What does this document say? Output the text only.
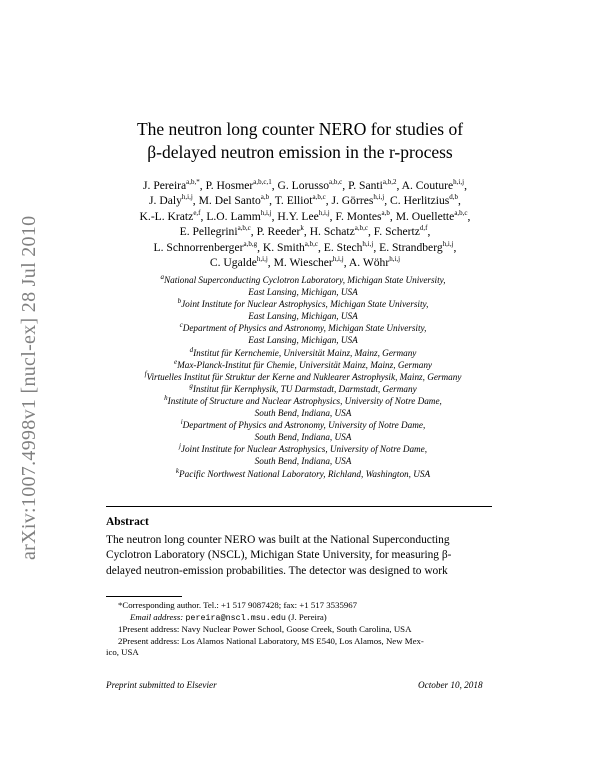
arXiv:1007.4998v1 [nucl-ex] 28 Jul 2010
The neutron long counter NERO for studies of
β-delayed neutron emission in the r-process
J. Pereira$^{a,b,*}$, P. Hosmer$^{a,b,c,1}$, G. Lorusso$^{a,b,c}$, P. Santi$^{a,b,2}$, A. Couture$^{h,i,j}$,
J. Daly$^{h,i,j}$, M. Del Santo$^{a,b}$, T. Elliot$^{a,b,c}$, J. Görres$^{h,i,j}$, C. Herlitzius$^{d,b}$,
K.-L. Kratz$^{e,f}$, L.O. Lamm$^{h,i,j}$, H.Y. Lee$^{h,i,j}$, F. Montes$^{a,b}$, M. Ouellette$^{a,b,c}$,
E. Pellegrini$^{a,b,c}$, P. Reeder$^k$, H. Schatz$^{a,b,c}$, F. Schertz$^{d,f}$,
L. Schnorrenberger$^{a,b,g}$, K. Smith$^{a,b,c}$, E. Stech$^{h,i,j}$, E. Strandberg$^{h,i,j}$,
C. Ugalde$^{h,i,j}$, M. Wiescher$^{h,i,j}$, A. Wöhr$^{h,i,j}$
$^a$National Superconducting Cyclotron Laboratory, Michigan State University,
East Lansing, Michigan, USA
$^b$Joint Institute for Nuclear Astrophysics, Michigan State University,
East Lansing, Michigan, USA
$^c$Department of Physics and Astronomy, Michigan State University,
East Lansing, Michigan, USA
$^d$Institut für Kernchemie, Universität Mainz, Mainz, Germany
$^e$Max-Planck-Institut für Chemie, Universität Mainz, Mainz, Germany
$^f$Virtuelles Institut für Struktur der Kerne and Nuklearer Astrophysik, Mainz, Germany
$^g$Institut für Kernphysik, TU Darmstadt, Darmstadt, Germany
$^h$Institute of Structure and Nuclear Astrophysics, University of Notre Dame,
South Bend, Indiana, USA
$^i$Department of Physics and Astronomy, University of Notre Dame,
South Bend, Indiana, USA
$^j$Joint Institute for Nuclear Astrophysics, University of Notre Dame,
South Bend, Indiana, USA
$^k$Pacific Northwest National Laboratory, Richland, Washington, USA
Abstract
The neutron long counter NERO was built at the National Superconducting
Cyclotron Laboratory (NSCL), Michigan State University, for measuring β-
delayed neutron-emission probabilities. The detector was designed to work
*Corresponding author. Tel.: +1 517 9087428; fax: +1 517 3535967
Email address: pereira@nscl.msu.edu (J. Pereira)
1Present address: Navy Nuclear Power School, Goose Creek, South Carolina, USA
2Present address: Los Alamos National Laboratory, MS E540, Los Alamos, New Mex-
ico, USA
Preprint submitted to Elsevier	October 10, 2018
